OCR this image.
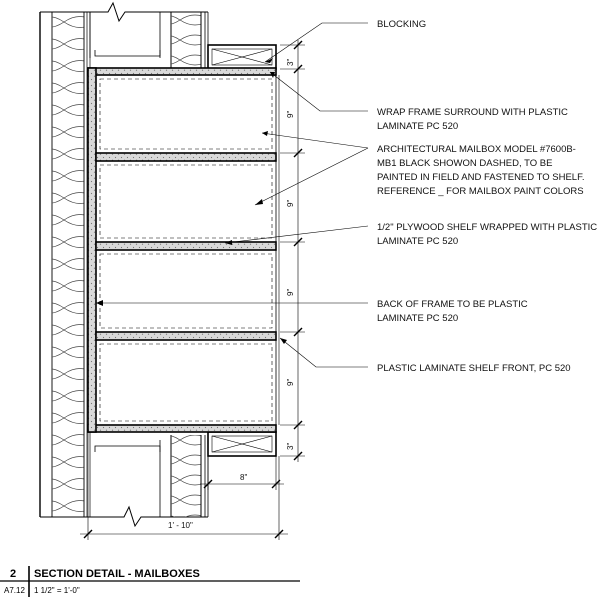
3"
9"
9"
9"
9"
3"
8"
1' - 10"
BLOCKING
WRAP FRAME SURROUND WITH PLASTIC
LAMINATE PC 520
ARCHITECTURAL MAILBOX MODEL #7600B-
MB1 BLACK SHOWON DASHED, TO BE
PAINTED IN FIELD AND FASTENED TO SHELF.
REFERENCE _ FOR MAILBOX PAINT COLORS
1/2" PLYWOOD SHELF WRAPPED WITH PLASTIC
LAMINATE PC 520
BACK OF FRAME TO BE PLASTIC
LAMINATE PC 520
PLASTIC LAMINATE SHELF FRONT, PC 520
2 SECTION DETAIL - MAILBOXES
A7.12 1 1/2" = 1'-0"
